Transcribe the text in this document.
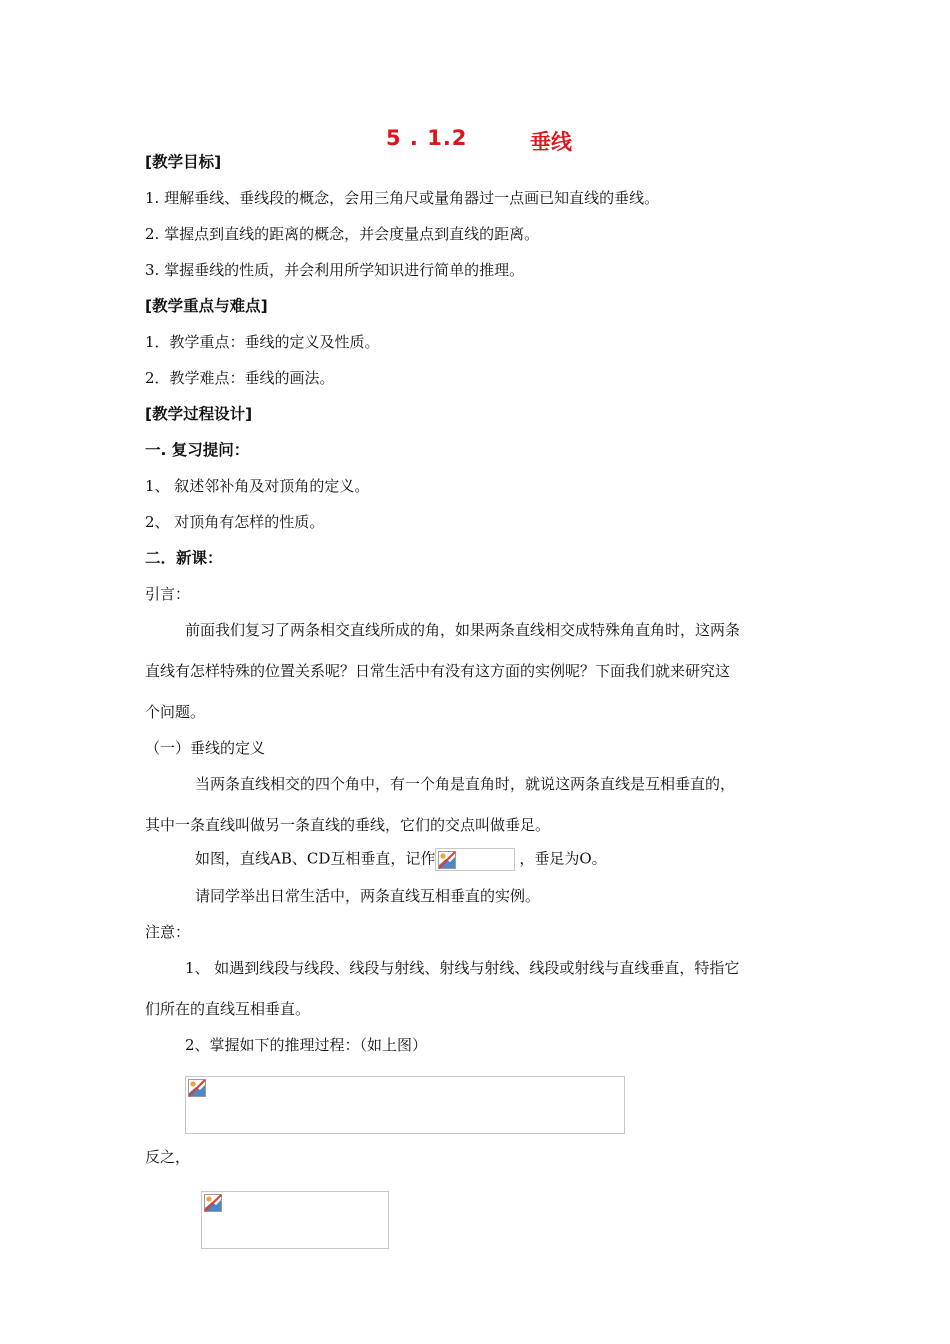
5 . 1.2	垂线
[教学目标]
1. 理解垂线、垂线段的概念，会用三角尺或量角器过一点画已知直线的垂线。
2. 掌握点到直线的距离的概念，并会度量点到直线的距离。
3. 掌握垂线的性质，并会利用所学知识进行简单的推理。
[教学重点与难点]
1．教学重点：垂线的定义及性质。
2．教学难点：垂线的画法。
[教学过程设计]
一. 复习提问：
1、 叙述邻补角及对顶角的定义。
2、 对顶角有怎样的性质。
二．新课：
引言：
前面我们复习了两条相交直线所成的角，如果两条直线相交成特殊角直角时，这两条
直线有怎样特殊的位置关系呢？日常生活中有没有这方面的实例呢？下面我们就来研究这
个问题。
（一）垂线的定义
当两条直线相交的四个角中，有一个角是直角时，就说这两条直线是互相垂直的，
其中一条直线叫做另一条直线的垂线，它们的交点叫做垂足。
如图，直线AB、CD互相垂直，记作	，垂足为O。
请同学举出日常生活中，两条直线互相垂直的实例。
注意：
1、 如遇到线段与线段、线段与射线、射线与射线、线段或射线与直线垂直，特指它
们所在的直线互相垂直。
2、掌握如下的推理过程：（如上图）
反之，
